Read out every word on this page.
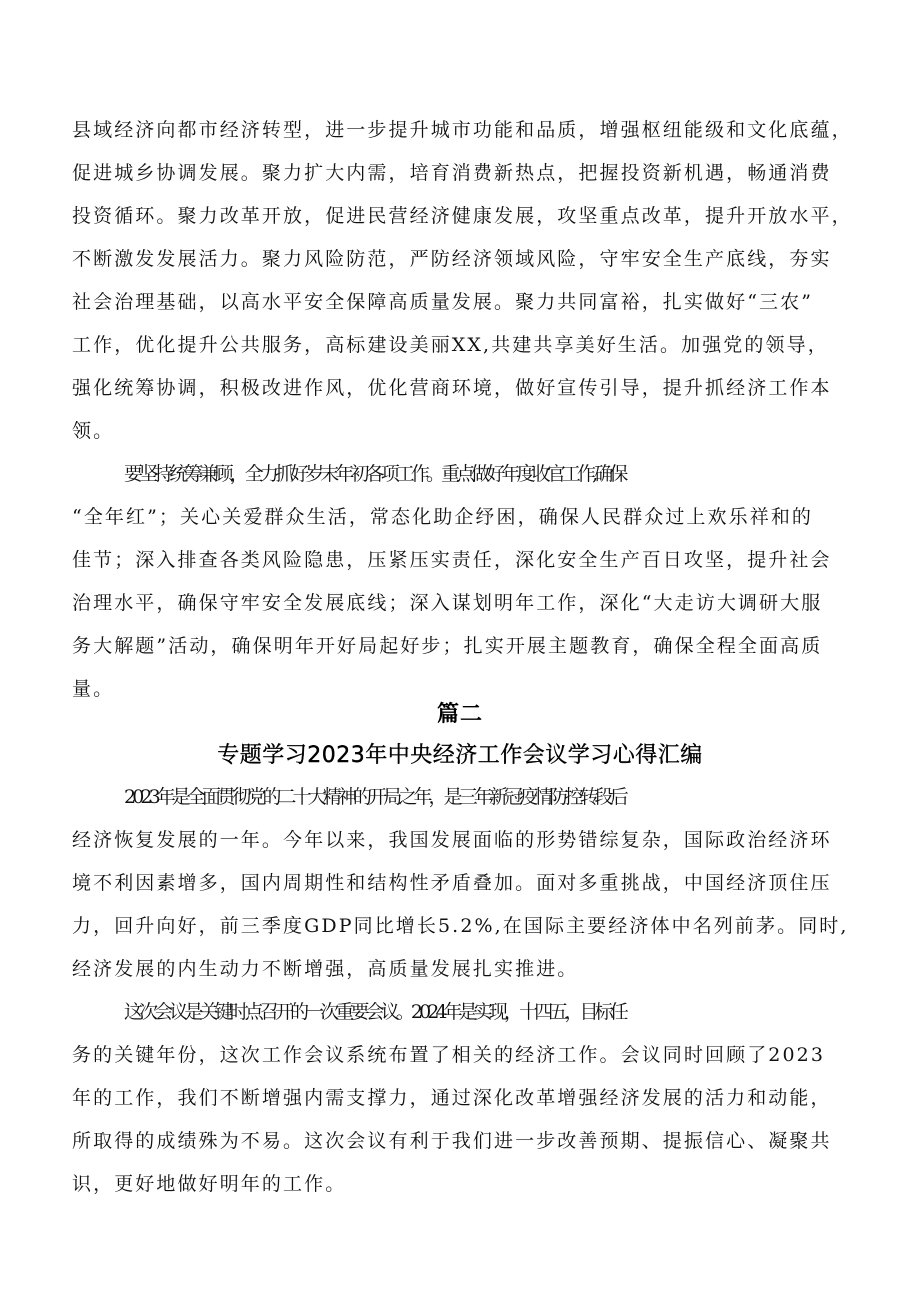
县域经济向都市经济转型，进一步提升城市功能和品质，增强枢纽能级和文化底蕴，
促进城乡协调发展。聚力扩大内需，培育消费新热点，把握投资新机遇，畅通消费
投资循环。聚力改革开放，促进民营经济健康发展，攻坚重点改革，提升开放水平，
不断激发发展活力。聚力风险防范，严防经济领域风险，守牢安全生产底线，夯实
社会治理基础，以高水平安全保障高质量发展。聚力共同富裕，扎实做好“三农”
工作，优化提升公共服务，高标建设美丽XX,共建共享美好生活。加强党的领导，
强化统筹协调，积极改进作风，优化营商环境，做好宣传引导，提升抓经济工作本
领。
要坚持统筹兼顾，全力抓好岁末年初各项工作。重点做好年度收官工作,确保
“全年红”；关心关爱群众生活，常态化助企纾困，确保人民群众过上欢乐祥和的
佳节；深入排查各类风险隐患，压紧压实责任，深化安全生产百日攻坚，提升社会
治理水平，确保守牢安全发展底线；深入谋划明年工作，深化“大走访大调研大服
务大解题”活动，确保明年开好局起好步；扎实开展主题教育，确保全程全面高质
量。
篇二
专题学习2023年中央经济工作会议学习心得汇编
2023年是全面贯彻党的二十大精神的开局之年，是三年新冠疫情防控转段后
经济恢复发展的一年。今年以来，我国发展面临的形势错综复杂，国际政治经济环
境不利因素增多，国内周期性和结构性矛盾叠加。面对多重挑战，中国经济顶住压
力，回升向好，前三季度GDP同比增长5.2%,在国际主要经济体中名列前茅。同时,
经济发展的内生动力不断增强，高质量发展扎实推进。
这次会议是关键时点召开的一次重要会议。2024年是实现，十四五，目标任
务的关键年份，这次工作会议系统布置了相关的经济工作。会议同时回顾了2023
年的工作，我们不断增强内需支撑力，通过深化改革增强经济发展的活力和动能，
所取得的成绩殊为不易。这次会议有利于我们进一步改善预期、提振信心、凝聚共
识，更好地做好明年的工作。
